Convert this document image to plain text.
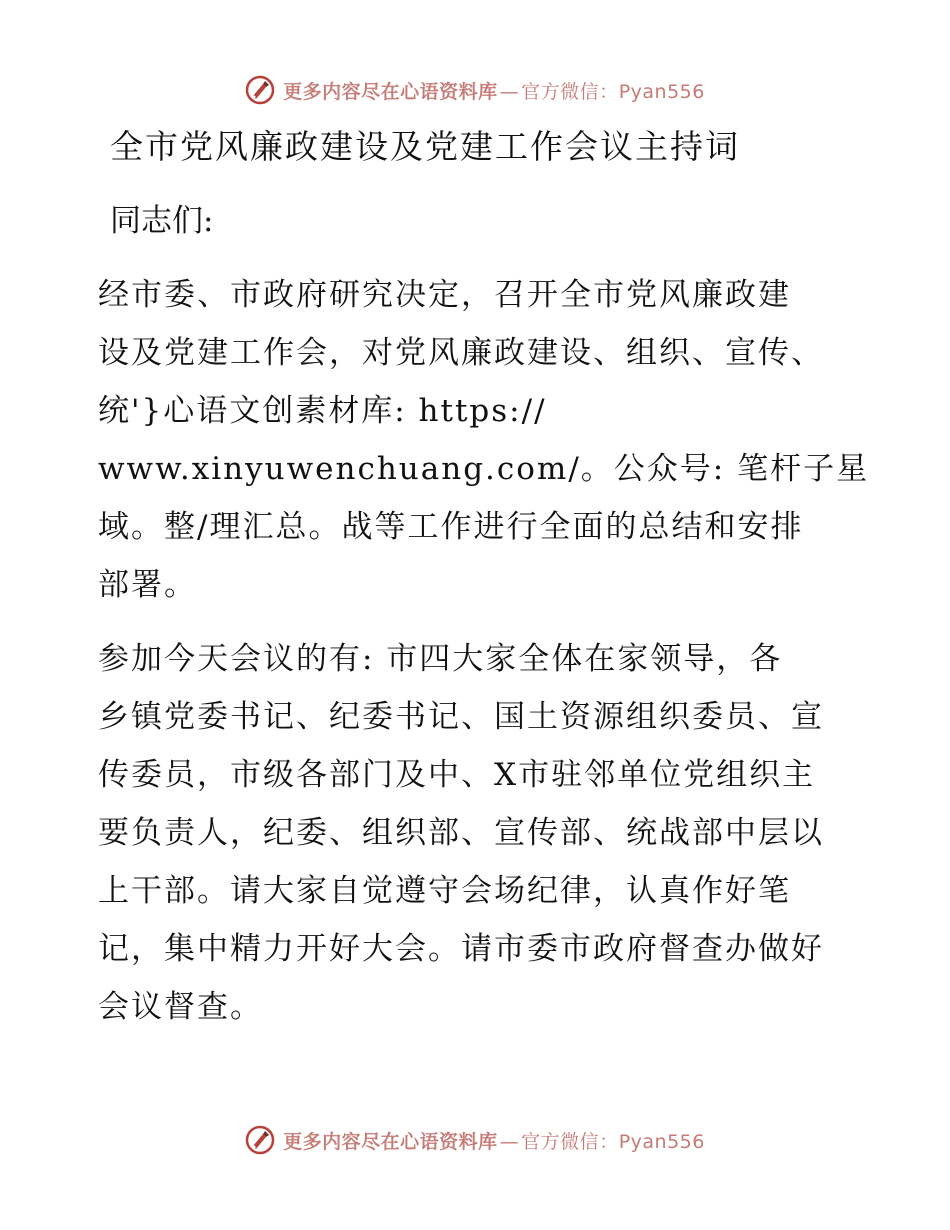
更多内容尽在心语资料库 — 官方微信：Pyan556
全市党风廉政建设及党建工作会议主持词

同志们:

经市委、市政府研究决定，召开全市党风廉政建
设及党建工作会，对党风廉政建设、组织、宣传、
统'}心语文创素材库: https://
www.xinyuwenchuang.com/。公众号: 笔杆子星
域。整/理汇总。战等工作进行全面的总结和安排
部署。

参加今天会议的有: 市四大家全体在家领导，各
乡镇党委书记、纪委书记、国土资源组织委员、宣
传委员，市级各部门及中、X市驻邻单位党组织主
要负责人，纪委、组织部、宣传部、统战部中层以
上干部。请大家自觉遵守会场纪律，认真作好笔
记，集中精力开好大会。请市委市政府督查办做好
会议督查。

更多内容尽在心语资料库 — 官方微信：Pyan556
